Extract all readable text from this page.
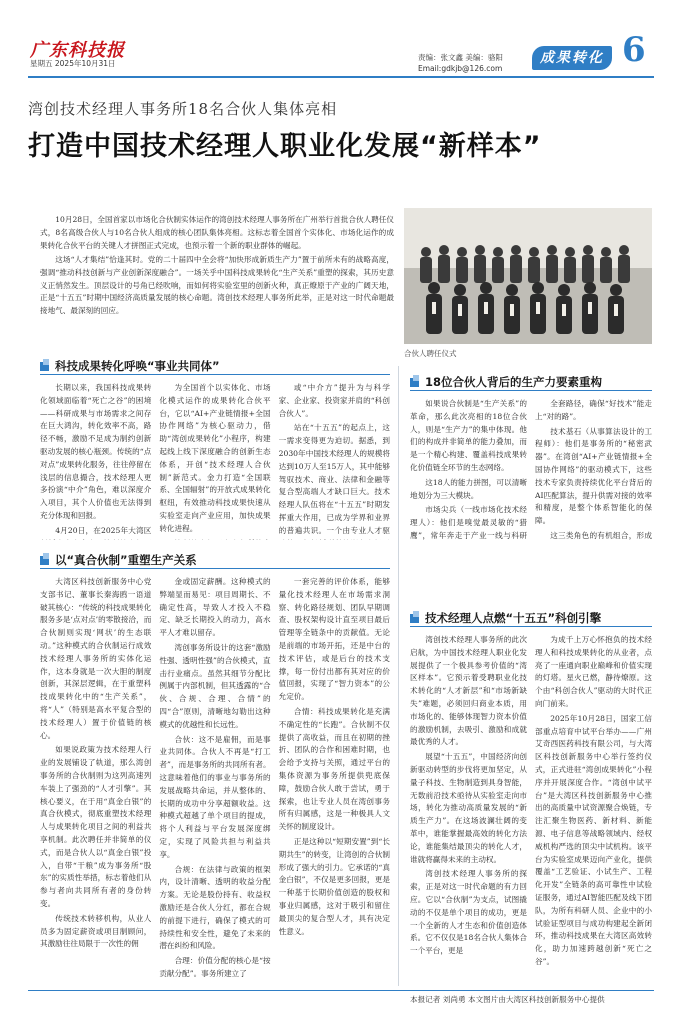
广东科技报
星期五 2025年10月31日
责编：张文鑫 美编：骆阳
Email:gdkjb@126.com
成果转化 6
湾创技术经理人事务所18名合伙人集体亮相
打造中国技术经理人职业化发展“新样本”

10月28日，全国首家以市场化合伙制实体运作的湾创技术经理人事务所在广州举行首批合伙人聘任仪式，8名高级合伙人与10名合伙人组成的核心团队集体亮相。这标志着全国首个实体化、市场化运作的成果转化合伙平台的关键人才拼图正式完成，也预示着一个新的职业群体的崛起。

这场“人才集结”恰逢其时。党的二十届四中全会将“加快形成新质生产力”置于前所未有的战略高度，强调“推动科技创新与产业创新深度融合”。一场关乎中国科技成果转化“生产关系”重塑的探索，其历史意义正悄然发生。顶层设计的号角已经吹响，而如何将实验室里的创新火种，真正燎原于产业的广阔天地，正是“十五五”时期中国经济高质量发展的核心命题。湾创技术经理人事务所此举，正是对这一时代命题最接地气、最深刻的回应。

合伙人聘任仪式
科技成果转化呼唤“事业共同体”

长期以来，我国科技成果转化领域面临着“死亡之谷”的困境——科研成果与市场需求之间存在巨大鸿沟，转化效率不高，路径不畅，激励不足成为制约创新驱动发展的核心瓶颈。传统的“点对点”成果转化服务，往往停留在浅层的信息撮合，技术经理人更多扮演“中介”角色，难以深度介入项目，其个人价值也无法得到充分体现和回报。

4月20日，在2025年大湾区

为全国首个以实体化、市场化模式运作的成果转化合伙平台，它以“AI+产业链情报+全国协作网络”为核心驱动力，借助“湾创成果转化”小程序，构建起线上线下深度融合的创新生态体系，开创“技术经理人合伙制”新范式。金力打造“全国联系、全国辐射”的开放式成果转化枢纽，有效推动科技成果快速从实验室走向产业应用，加快成果转化进程。

或“中介方”提升为与科学家、企业家、投资家并肩的“科创合伙人”。

站在“十五五”的起点上，这一需求变得更为迫切。据悉，到2030年中国技术经理人的规模将达到10万人至15万人，其中能够驾驭技术、商业、法律和金融等复合型高端人才缺口巨大。技术经理人队伍将在“十五五”时期发挥重大作用，已成为学界和业界的普遍共识。一个由专业人才驱

以“真合伙制”重塑生产关系

大湾区科技创新服务中心党支部书记、董事长秦海鸥一语道破其核心：“传统的科技成果转化服务多是‘点对点’的零散接洽，而合伙制则实现‘网状’的生态联动。”这种模式的合伙制运行成效技术经理人事务所的实体化运作，这本身就是一次大胆的制度创新，其深层逻辑，在于重塑科技成果转化中的“生产关系”，将“人”（特别是高水平复合型的技术经理人）置于价值链的核心。

如果说政策为技术经理人行业的发展铺设了轨道，那么湾创事务所的合伙制则为这列高速列车装上了强劲的“人才引擎”。其核心要义，在于用“真金白银”的真合伙模式，彻底重塑技术经理人与成果转化项目之间的利益共享机制。此次聘任并非简单的仪式，而是合伙人以“真金白银”投入，自带“干粮”成为事务所“股东”的实质性举措，标志着他们从参与者向共同所有者的身份转变。

传统技术转移机构，从业人员多为固定薪资或项目制顾问，其激励往往局限于一次性的佣

金或固定薪酬。这种模式的弊端显而易见：项目周期长、不确定性高，导致人才投入不稳定、缺乏长期投入的动力，高水平人才难以留存。

湾创事务所设计的这套“激励性强、透明性强”的合伙模式，直击行业痛点。虽然其细节分配比例属于内部机制，但其透露的“合伙、合规、合理、合情”的四“合”原则，清晰地勾勒出这种模式的优越性和长远性。

合伙：这不是雇佣，而是事业共同体。合伙人不再是“打工者”，而是事务所的共同所有者。这意味着他们的事业与事务所的发展战略共命运，并从整体的、长期的成功中分享超额收益。这种模式超越了单个项目的提成，将个人利益与平台发展深度绑定，实现了风险共担与利益共享。

合规：在法律与政策的框架内，设计清晰、透明的收益分配方案。无论是股份持有、收益权激励还是合伙人分红，都在合规的前提下进行，确保了模式的可持续性和安全性，避免了未来的潜在纠纷和风险。

合理：价值分配的核心是“按贡献分配”。事务所建立了

一套完善的评价体系，能够量化技术经理人在市场需求洞察、转化路径规划、团队早期调查、股权架构设计直至项目最后管理等全链条中的贡献值。无论是前端的市场开拓，还是中台的技术评估，或是后台的技术支撑，每一份付出都有其对应的价值回报，实现了“智力资本”的公允定价。

合情：科技成果转化是充满不确定性的“长跑”。合伙制不仅提供了高收益，而且在初期的挫折、团队的合作和困难时期，也会给予支持与关照，通过平台的集体资源为事务所提供兜底保障，鼓励合伙人敢于尝试，勇于探索，也让专业人员在湾创事务所有归属感，这是一种极具人文关怀的制度设计。

正是这种以“短期安置”到“长期共生”的转变，让湾创的合伙制形成了强大的引力。它承诺的“真金白银”，不仅是更多回报，更是一种基于长期价值创造的股权和事业归属感，这对于吸引和留住最顶尖的复合型人才，具有决定性意义。

18位合伙人背后的生产力要素重构

如果说合伙制是“生产关系”的革命，那么此次亮相的18位合伙人，则是“生产力”的集中体现。他们的构成并非简单的能力叠加，而是一个精心构建、覆盖科技成果转化价值链全环节的生态网络。

这18人的能力拼图，可以清晰地划分为三大模块。

市场尖兵（一线市场化技术经理人）：他们是嗅觉最灵敏的“猎鹰”，常年奔走于产业一线与科研

全套路径，确保“好技术”能走上“对的路”。

技术基石（从事算法设计的工程师）：他们是事务所的“秘密武器”。在湾创“AI+产业链情报+全国协作网络”的驱动模式下，这些技术专家负责持续优化平台背后的AI匹配算法，提升供需对接的效率和精度，是整个体系智能化的保障。

这三类角色的有机组合，形成

技术经理人点燃“十五五”科创引擎

湾创技术经理人事务所的此次启航，为中国技术经理人职业化发展提供了一个极具参考价值的“湾区样本”。它预示着受聘职业化技术转化的“人才新层”和“市场新缺失”难题，必须回归商业本质，用市场化的、能够体现智力资本价值的激励机制，去吸引、激励和成就最优秀的人才。

展望“十五五”，中国经济向创新驱动转型的步伐将更加坚定，从量子科技、生物制造到具身智能，无数前沿技术亟待从实验室走向市场，转化为推动高质量发展的“新质生产力”。在这场波澜壮阔的变革中，谁能掌握最高效的转化方法论，谁能集结最顶尖的转化人才，谁就将赢得未来的主动权。

湾创技术经理人事务所的探索，正是对这一时代命题的有力回应。它以“合伙制”为支点，试图撬动的不仅是单个项目的成功，更是一个全新的人才生态和价值创造体系。它不仅仅是18名合伙人集体合一个平台，更是

为成千上万心怀抱负的技术经理人和科技成果转化的从业者，点亮了一座通向职业巅峰和价值实现的灯塔。星火已燃，静待燎原。这个由“科创合伙人”驱动的大时代正向门前来。

2025年10月28日，国家工信部重点培育中试平台举办——广州艾奇西医药科技有限公司，与大湾区科技创新服务中心举行签约仪式，正式进驻“湾创成果转化”小程序并开展深度合作。“湾创中试平台”是大湾区科技创新服务中心推出的高质量中试资源聚合焕链，专注汇聚生物医药、新材料、新能源、电子信息等战略领域内、经权威机构严选的顶尖中试机构。该平台为实验室成果迈向产业化，提供覆盖“工艺验证、小试生产、工程化开发”全链条的高可靠性中试验证服务，通过AI智能匹配及线下团队，为所有科研人员、企业中的小试验证型项目与成功构建起全新闭环，推动科技成果在大湾区高效转化，助力加速跨越创新“死亡之谷”。

本报记者 刘尚勇 本文图片由大湾区科技创新服务中心提供
